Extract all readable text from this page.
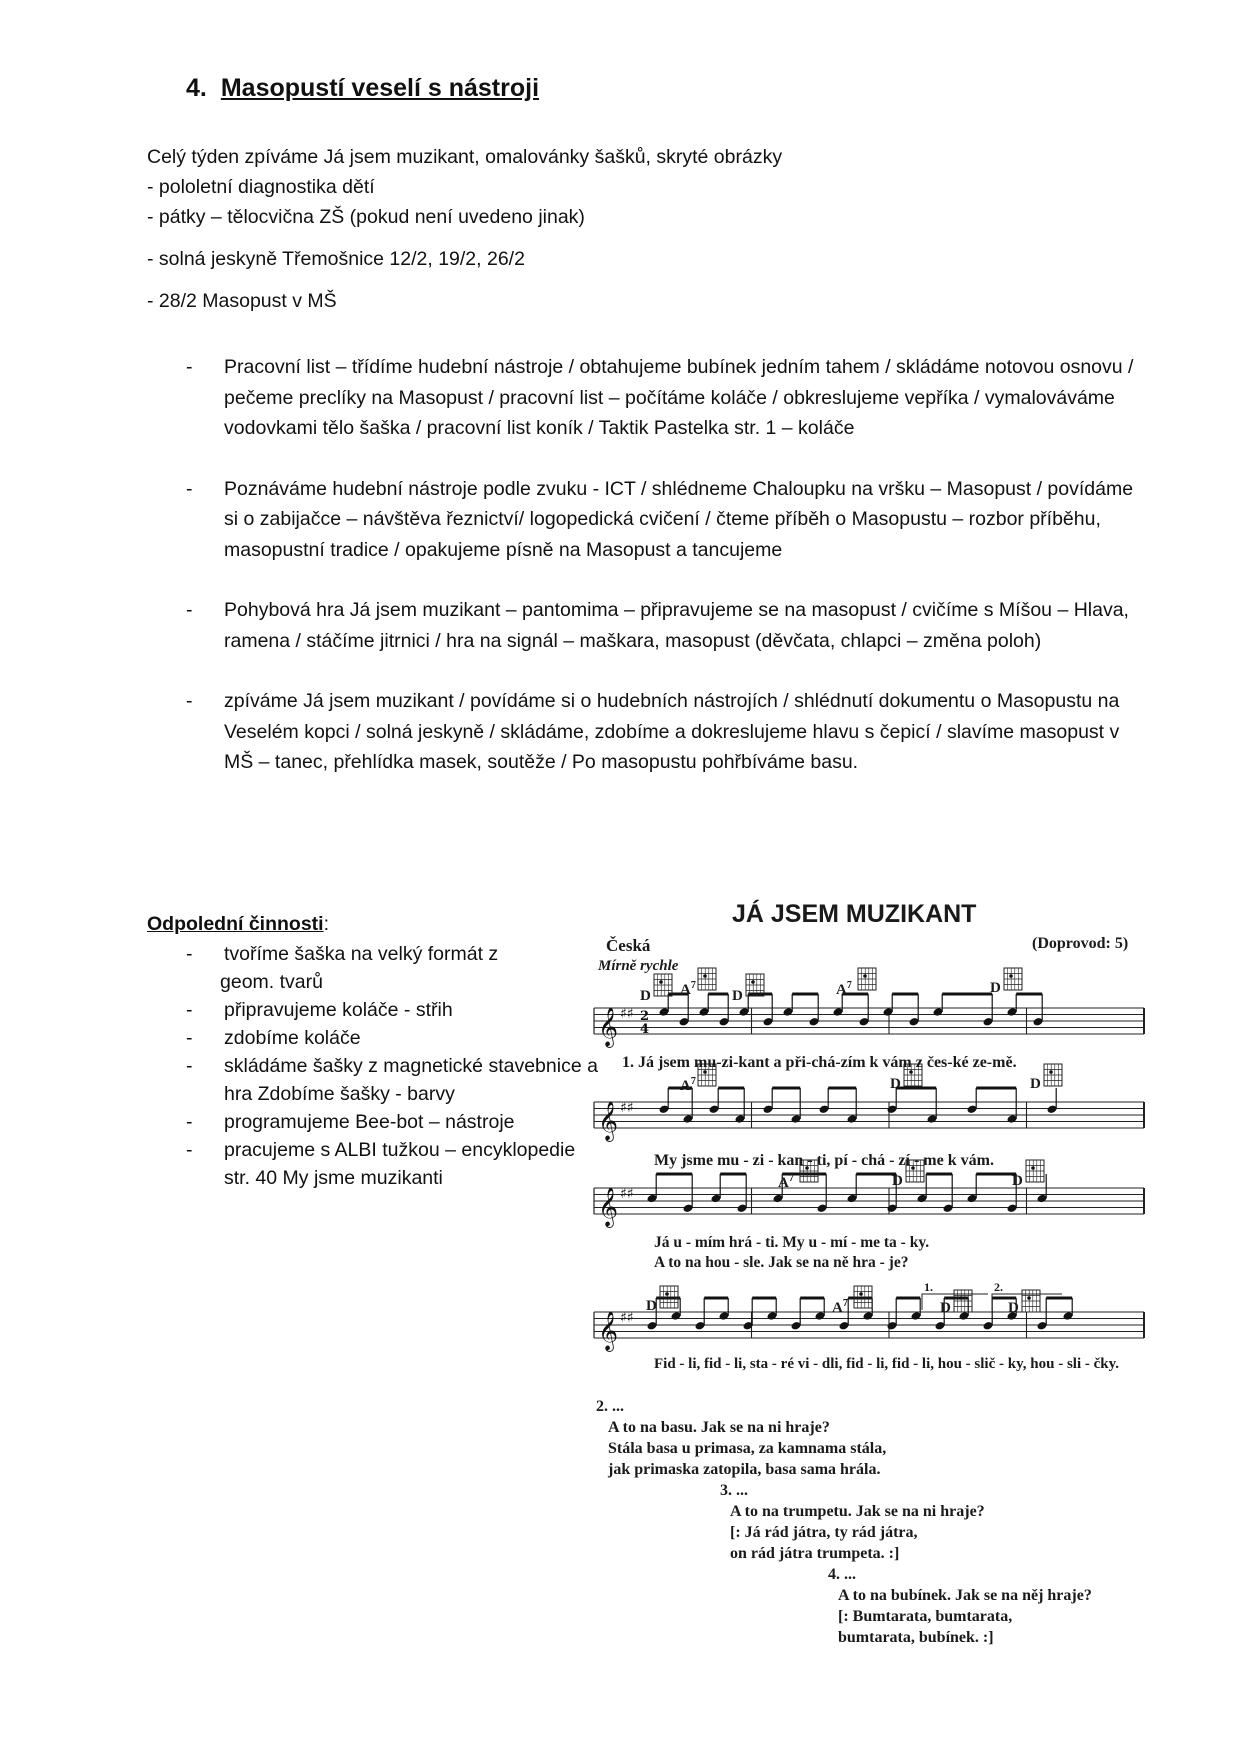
4. Masopustí veselí s nástroji
Celý týden zpíváme Já jsem muzikant, omalovánky šašků, skryté obrázky
- pololetní diagnostika dětí
- pátky – tělocvična ZŠ (pokud není uvedeno jinak)
- solná jeskyně Třemošnice 12/2, 19/2, 26/2
- 28/2 Masopust v MŠ
-	Pracovní list – třídíme hudební nástroje / obtahujeme bubínek jedním tahem / skládáme notovou osnovu / pečeme preclíky na Masopust / pracovní list – počítáme koláče / obkreslujeme vepříka / vymalováváme vodovkami tělo šaška / pracovní list koník / Taktik Pastelka str. 1 – koláče
-	Poznáváme hudební nástroje podle zvuku - ICT / shlédneme Chaloupku na vršku – Masopust / povídáme si o zabijačce – návštěva řeznictví/ logopedická cvičení / čteme příběh o Masopustu – rozbor příběhu, masopustní tradice / opakujeme písně na Masopust a tancujeme
-	Pohybová hra Já jsem muzikant – pantomima – připravujeme se na masopust / cvičíme s Míšou – Hlava, ramena / stáčíme jitrnici / hra na signál – maškara, masopust (děvčata, chlapci – změna poloh)
-	zpíváme Já jsem muzikant / povídáme si o hudebních nástrojích / shlédnutí dokumentu o Masopustu na Veselém kopci / solná jeskyně / skládáme, zdobíme a dokreslujeme hlavu s čepicí / slavíme masopust v MŠ – tanec, přehlídka masek, soutěže / Po masopustu pohřbíváme basu.
Odpolední činnosti:
-	tvoříme šaška na velký formát z
geom. tvarů
-	připravujeme koláče - střih
-	zdobíme koláče
-	skládáme šašky z magnetické stavebnice a
hra Zdobíme šašky - barvy
-	programujeme Bee-bot – nástroje
-	pracujeme s ALBI tužkou – encyklopedie
str. 40 My jsme muzikanti
𝄞 ♯♯
𝄞 ♯♯
𝄞 ♯♯
𝄞 ♯♯
2
4
JÁ JSEM MUZIKANT
Česká
Mírně rychle
(Doprovod: 5)
D $A^7$
D	$A^7$	D
$A^7$	D	D
$A^7$	D	D
D	$A^7$	D	D
1.	2.
1. Já jsem mu-zi-kant a při-chá-zím k vám z čes-ké ze-mě.
My jsme mu - zi - kan - ti, pí - chá - zí - me k vám.
Já u - mím hrá - ti. My u - mí - me ta - ky.
A to na hou - sle. Jak se na ně hra - je?
Fid - li, fid - li, sta - ré vi - dli, fid - li, fid - li, hou - slič - ky, hou - sli - čky.
2. ...
A to na basu. Jak se na ni hraje?
Stála basa u primasa, za kamnama stála,
jak primaska zatopila, basa sama hrála.
3. ...
A to na trumpetu. Jak se na ni hraje?
[: Já rád játra, ty rád játra,
on rád játra trumpeta. :]
4. ...
A to na bubínek. Jak se na něj hraje?
[: Bumtarata, bumtarata,
bumtarata, bubínek. :]
